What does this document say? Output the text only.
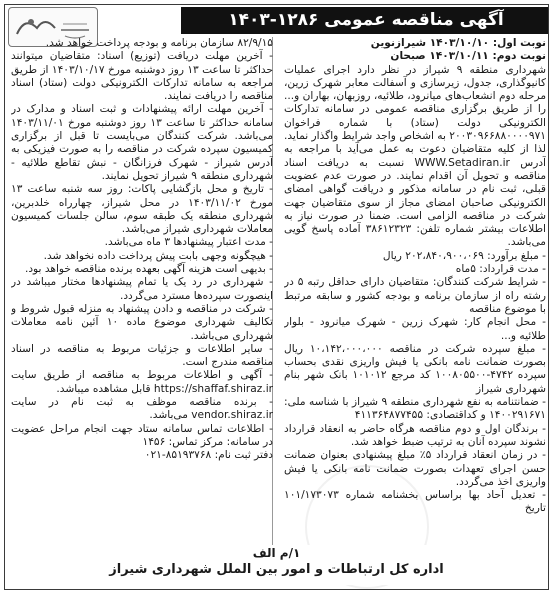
آگهی مناقصه عمومی ۱۲۸۶-۱۴۰۳

نوبت اول: ۱۴۰۳/۱۰/۱۰ شیرازنوین

نوبت دوم: ۱۴۰۳/۱۰/۱۱ صبحان

شهرداری منطقه ۹ شیراز در نظر دارد اجرای عملیات کانیوگذاری، جدول، زیرسازی و آسفالت معابر شهرک زرین، مرحله دوم انشعاب‌های میانرود، طلائیه، روزبهان، بهاران و... را از طریق برگزاری مناقصه عمومی در سامانه تدارکات الکترونیکی دولت (ستاد) با شماره فراخوان ۲۰۰۳۰۹۶۶۸۸۰۰۰۰۹۷۱ به اشخاص واجد شرایط واگذار نماید. لذا از کلیه متقاضیان دعوت به عمل می‌آید با مراجعه به آدرس WWW.Setadiran.ir نسبت به دریافت اسناد مناقصه و تحویل آن اقدام نمایند. در صورت عدم عضویت قبلی، ثبت نام در سامانه مذکور و دریافت گواهی امضای الکترونیکی صاحبان امضای مجاز از سوی متقاضیان جهت شرکت در مناقصه الزامی است. ضمنا در صورت نیاز به اطلاعات بیشتر شماره تلفن: ۳۸۶۱۲۳۲۳ آماده پاسخ گویی می‌باشد.

- مبلغ برآورد: ۲۰۲،۸۴۰،۹۰۰،۰۶۹ ریال

- مدت قرارداد: ۵ماه

- شرایط شرکت کنندگان: متقاضیان دارای حداقل رتبه ۵ در رشته راه از سازمان برنامه و بودجه کشور و سابقه مرتبط با موضوع مناقصه

- محل انجام کار: شهرک زرین - شهرک میانرود - بلوار طلائیه و...

- مبلغ سپرده شرکت در مناقصه ۱۰،۱۴۲،۰۰۰،۰۰۰ ریال بصورت ضمانت نامه بانکی یا فیش واریزی نقدی بحساب سپرده ۴۷۴۲-۱۰۰۸۰۵۵۰۰ کد مرجع ۱۰۱۰۱۲ بانک شهر بنام شهرداری شیراز

- ضمانتنامه به نفع شهرداری منطقه ۹ شیراز با شناسه ملی: ۱۴۰۰۲۹۱۶۷۱ و کداقتصادی: ۴۱۱۳۶۴۸۷۷۴۵۵

- برندگان اول و دوم مناقصه هرگاه حاضر به انعقاد قرارداد نشوند سپرده آنان به ترتیب ضبط خواهد شد.

- در زمان انعقاد قرارداد ۵٪ مبلغ پیشنهادی بعنوان ضمانت حسن اجرای تعهدات بصورت ضمانت نامه بانکی یا فیش واریزی اخذ می‌گردد.

- تعدیل آحاد بها براساس بخشنامه شماره ۱۰۱/۱۷۳۰۷۳ تاریخ

۸۲/۹/۱۵ سازمان برنامه و بودجه پرداخت خواهد شد.

- آخرین مهلت دریافت (توزیع) اسناد: متقاضیان میتوانند حداکثر تا ساعت ۱۳ روز دوشنبه مورخ ۱۴۰۳/۱۰/۱۷ از طریق مراجعه به سامانه تدارکات الکترونیکی دولت (ستاد) اسناد مناقصه را دریافت نمایند.

- آخرین مهلت ارائه پیشنهادات و ثبت اسناد و مدارک در سامانه حداکثر تا ساعت ۱۳ روز دوشنبه مورخ ۱۴۰۳/۱۱/۰۱ می‌باشد. شرکت کنندگان می‌بایست تا قبل از برگزاری کمیسیون سپرده شرکت در مناقصه را به صورت فیزیکی به آدرس شیراز - شهرک فرزانگان - نبش تقاطع طلائیه - شهرداری منطقه ۹ شیراز تحویل نمایند.

- تاریخ و محل بازگشایی پاکات: روز سه شنبه ساعت ۱۳ مورخ ۱۴۰۳/۱۱/۰۲ در محل شیراز، چهارراه خلدبرین، شهرداری منطقه یک طبقه سوم، سالن جلسات کمیسیون معاملات شهرداری شیراز می‌باشد.

- مدت اعتبار پیشنهادها ۳ ماه می‌باشد.

- هیچگونه وجهی بابت پیش پرداخت داده نخواهد شد.

- بدیهی است هزینه آگهی بعهده برنده مناقصه خواهد بود.

- شهرداری در رد یک یا تمام پیشنهادها مختار میباشد در اینصورت سپرده‌ها مسترد می‌گردد.

- شرکت در مناقصه و دادن پیشنهاد به منزله قبول شروط و تکالیف شهرداری موضوع ماده ۱۰ آئین نامه معاملات شهرداری می‌باشد.

- سایر اطلاعات و جزئیات مربوط به مناقصه در اسناد مناقصه مندرج است.

- آگهی و اطلاعات مربوط به مناقصه از طریق سایت https://shaffaf.shiraz.ir قابل مشاهده میباشد.

- برنده مناقصه موظف به ثبت نام در سایت vendor.shiraz.ir می‌باشد.

- اطلاعات تماس سامانه ستاد جهت انجام مراحل عضویت در سامانه: مرکز تماس: ۱۴۵۶

دفتر ثبت نام: ۸۵۱۹۳۷۶۸-۰۲۱

۱/م الف
اداره کل ارتباطات و امور بین الملل شهرداری شیراز
